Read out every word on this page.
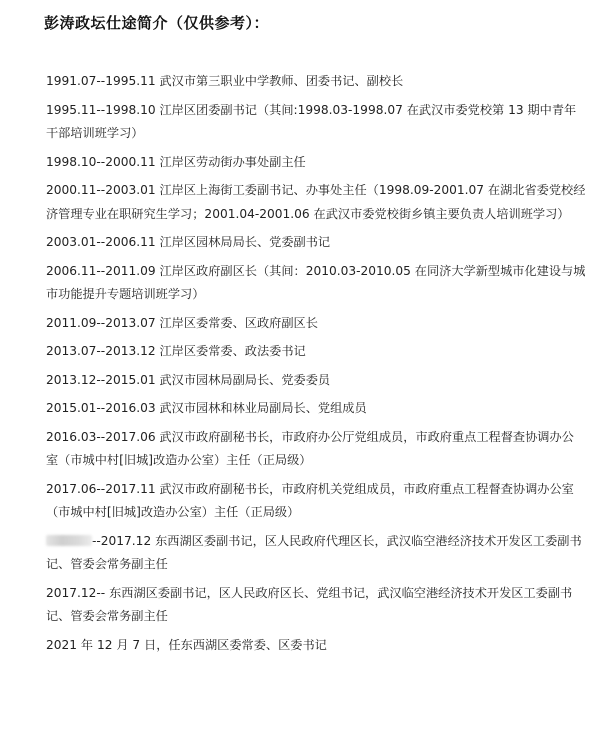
彭涛政坛仕途简介（仅供参考）：
1991.07--1995.11 武汉市第三职业中学教师、团委书记、副校长
1995.11--1998.10 江岸区团委副书记（其间:1998.03-1998.07 在武汉市委党校第 13 期中青年干部培训班学习）
1998.10--2000.11 江岸区劳动街办事处副主任
2000.11--2003.01 江岸区上海街工委副书记、办事处主任（1998.09-2001.07 在湖北省委党校经济管理专业在职研究生学习；2001.04-2001.06 在武汉市委党校街乡镇主要负责人培训班学习）
2003.01--2006.11 江岸区园林局局长、党委副书记
2006.11--2011.09 江岸区政府副区长（其间：2010.03-2010.05 在同济大学新型城市化建设与城市功能提升专题培训班学习）
2011.09--2013.07 江岸区委常委、区政府副区长
2013.07--2013.12 江岸区委常委、政法委书记
2013.12--2015.01 武汉市园林局副局长、党委委员
2015.01--2016.03 武汉市园林和林业局副局长、党组成员
2016.03--2017.06 武汉市政府副秘书长，市政府办公厅党组成员，市政府重点工程督查协调办公室（市城中村[旧城]改造办公室）主任（正局级）
2017.06--2017.11 武汉市政府副秘书长，市政府机关党组成员，市政府重点工程督查协调办公室（市城中村[旧城]改造办公室）主任（正局级）
--2017.12 东西湖区委副书记，区人民政府代理区长，武汉临空港经济技术开发区工委副书记、管委会常务副主任
2017.12-- 东西湖区委副书记，区人民政府区长、党组书记，武汉临空港经济技术开发区工委副书记、管委会常务副主任
2021 年 12 月 7 日，任东西湖区委常委、区委书记
